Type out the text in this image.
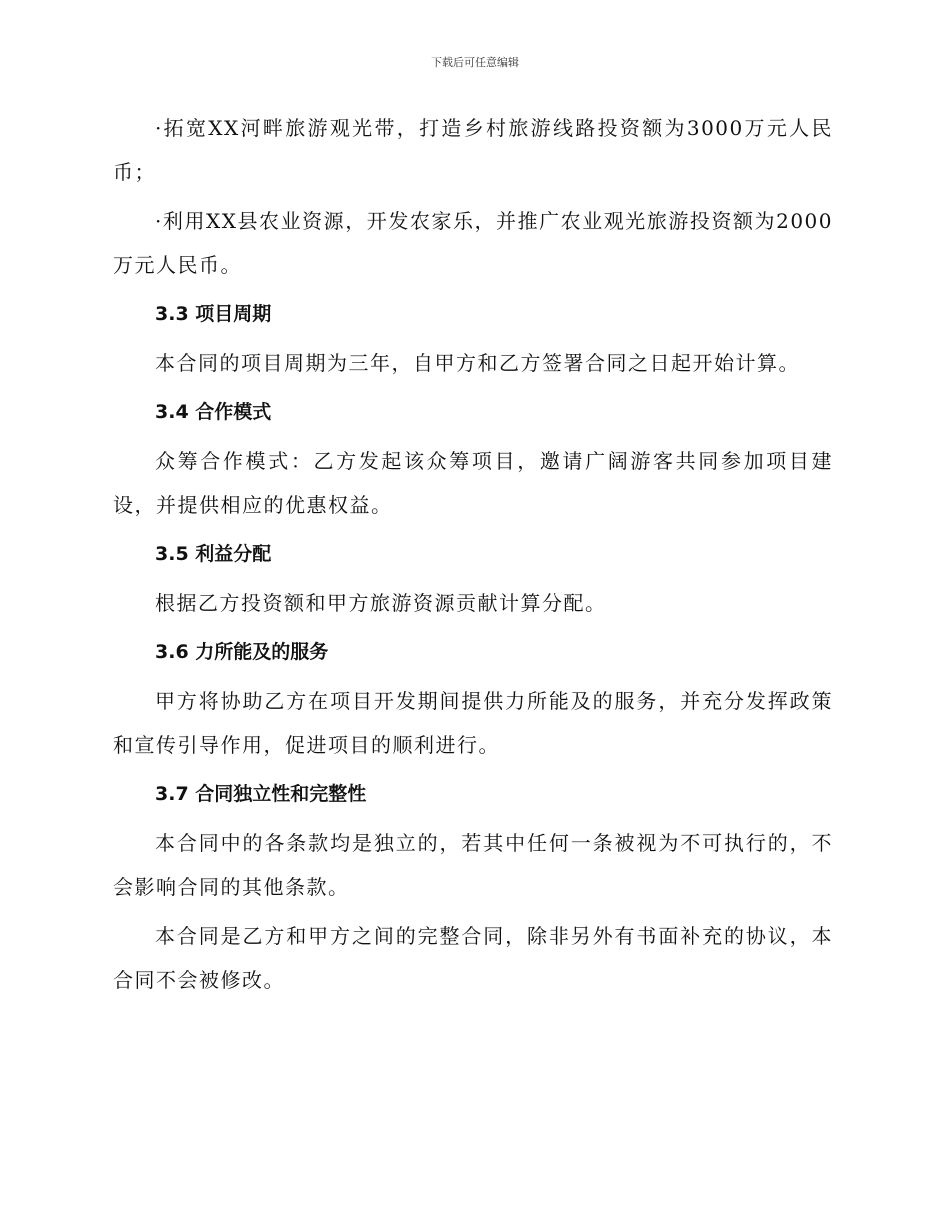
下载后可任意编辑

·拓宽XX河畔旅游观光带，打造乡村旅游线路投资额为3000万元人民币；

·利用XX县农业资源，开发农家乐，并推广农业观光旅游投资额为2000万元人民币。

3.3 项目周期

本合同的项目周期为三年，自甲方和乙方签署合同之日起开始计算。

3.4 合作模式

众筹合作模式：乙方发起该众筹项目，邀请广阔游客共同参加项目建设，并提供相应的优惠权益。

3.5 利益分配

根据乙方投资额和甲方旅游资源贡献计算分配。

3.6 力所能及的服务

甲方将协助乙方在项目开发期间提供力所能及的服务，并充分发挥政策和宣传引导作用，促进项目的顺利进行。

3.7 合同独立性和完整性

本合同中的各条款均是独立的，若其中任何一条被视为不可执行的，不会影响合同的其他条款。

本合同是乙方和甲方之间的完整合同，除非另外有书面补充的协议，本合同不会被修改。
